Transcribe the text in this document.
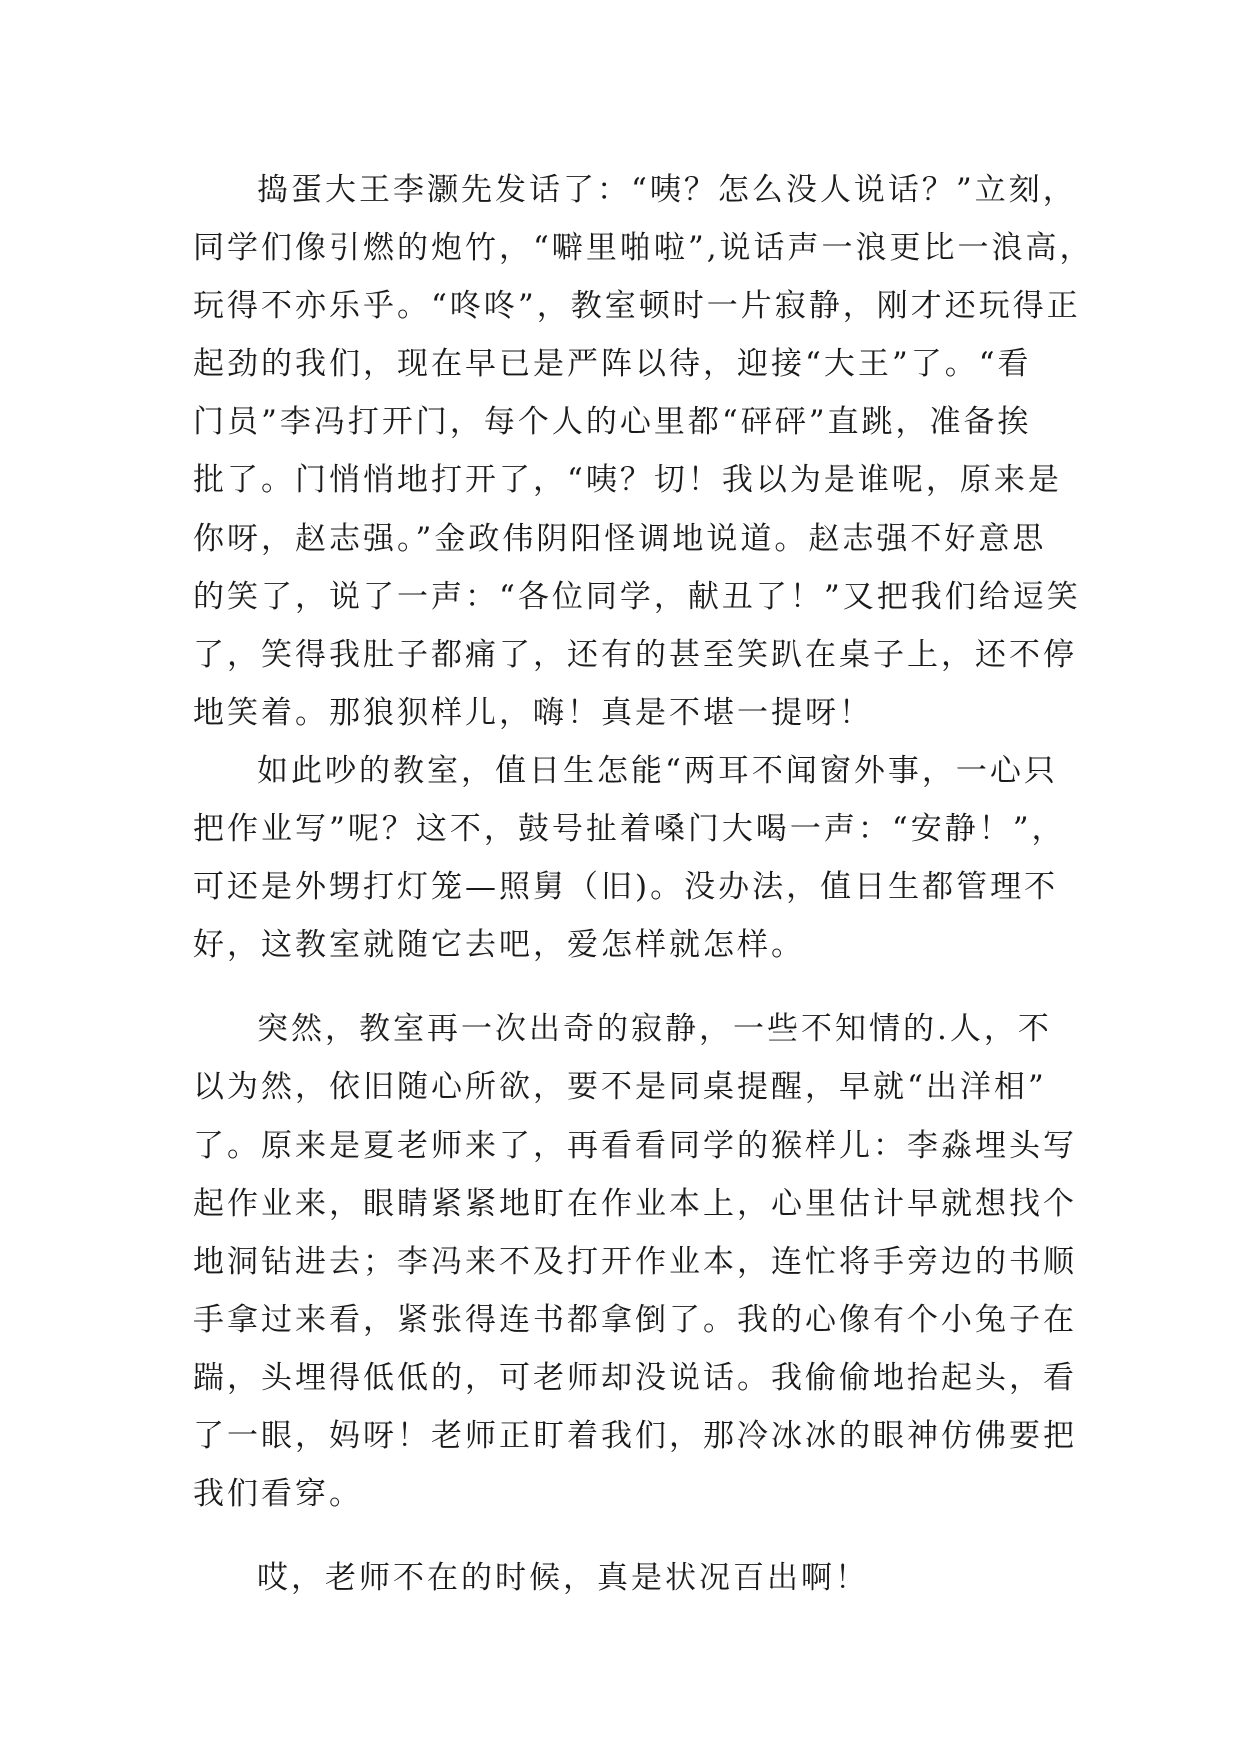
捣蛋大王李灏先发话了：“咦？怎么没人说话？”立刻，
同学们像引燃的炮竹，“噼里啪啦”,说话声一浪更比一浪高，
玩得不亦乐乎。“咚咚”，教室顿时一片寂静，刚才还玩得正
起劲的我们，现在早已是严阵以待，迎接“大王”了。“看
门员”李冯打开门，每个人的心里都“砰砰”直跳，准备挨
批了。门悄悄地打开了，“咦？切！我以为是谁呢，原来是
你呀，赵志强。”金政伟阴阳怪调地说道。赵志强不好意思
的笑了，说了一声：“各位同学，献丑了！”又把我们给逗笑
了，笑得我肚子都痛了，还有的甚至笑趴在桌子上，还不停
地笑着。那狼狈样儿，嗨！真是不堪一提呀！
如此吵的教室，值日生怎能“两耳不闻窗外事，一心只
把作业写”呢？这不，鼓号扯着嗓门大喝一声：“安静！”，
可还是外甥打灯笼—照舅（旧)。没办法，值日生都管理不
好，这教室就随它去吧，爱怎样就怎样。
突然，教室再一次出奇的寂静，一些不知情的.人，不
以为然，依旧随心所欲，要不是同桌提醒，早就“出洋相”
了。原来是夏老师来了，再看看同学的猴样儿：李淼埋头写
起作业来，眼睛紧紧地盯在作业本上，心里估计早就想找个
地洞钻进去；李冯来不及打开作业本，连忙将手旁边的书顺
手拿过来看，紧张得连书都拿倒了。我的心像有个小兔子在
踹，头埋得低低的，可老师却没说话。我偷偷地抬起头，看
了一眼，妈呀！老师正盯着我们，那冷冰冰的眼神仿佛要把
我们看穿。
哎，老师不在的时候，真是状况百出啊！
